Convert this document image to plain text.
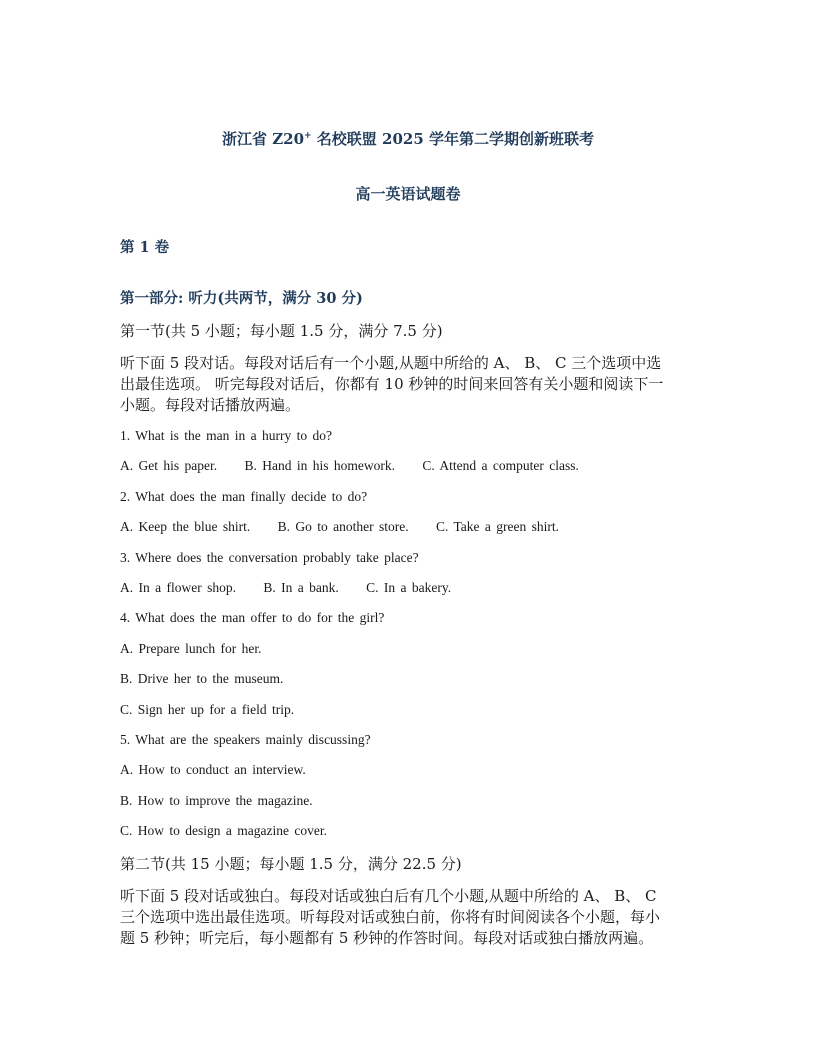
浙江省 Z20+ 名校联盟 2025 学年第二学期创新班联考
高一英语试题卷
第 1 卷
第一部分: 听力(共两节，满分 30 分)
第一节(共 5 小题；每小题 1.5 分，满分 7.5 分)
听下面 5 段对话。每段对话后有一个小题,从题中所给的 A、 B、 C 三个选项中选
出最佳选项。 听完每段对话后，你都有 10 秒钟的时间来回答有关小题和阅读下一
小题。每段对话播放两遍。
1. What is the man in a hurry to do?
A. Get his paper. B. Hand in his homework. C. Attend a computer class.
2. What does the man finally decide to do?
A. Keep the blue shirt. B. Go to another store. C. Take a green shirt.
3. Where does the conversation probably take place?
A. In a flower shop. B. In a bank. C. In a bakery.
4. What does the man offer to do for the girl?
A. Prepare lunch for her.
B. Drive her to the museum.
C. Sign her up for a field trip.
5. What are the speakers mainly discussing?
A. How to conduct an interview.
B. How to improve the magazine.
C. How to design a magazine cover.
第二节(共 15 小题；每小题 1.5 分，满分 22.5 分)
听下面 5 段对话或独白。每段对话或独白后有几个小题,从题中所给的 A、 B、 C
三个选项中选出最佳选项。听每段对话或独白前，你将有时间阅读各个小题，每小
题 5 秒钟；听完后，每小题都有 5 秒钟的作答时间。每段对话或独白播放两遍。
